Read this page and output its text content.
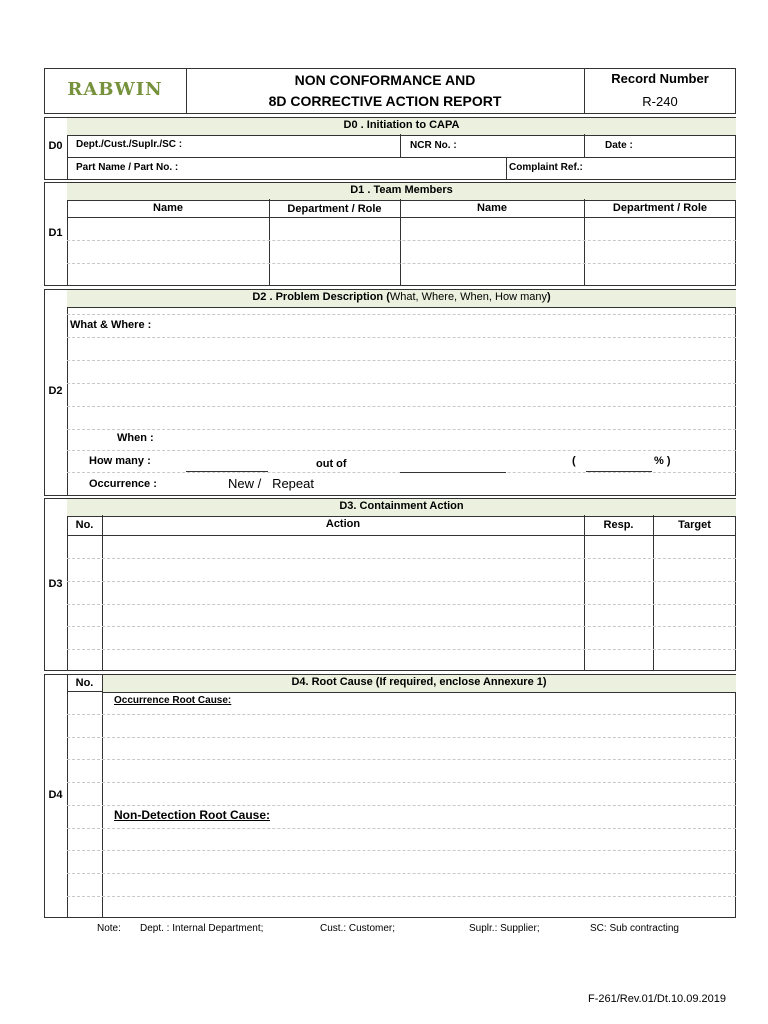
RABWIN	NON CONFORMANCE AND
8D CORRECTIVE ACTION REPORT
Record Number
R-240
D0
D0 . Initiation to CAPA
Dept./Cust./Suplr./SC :	NCR No. :	Date :
Part Name / Part No. :	Complaint Ref.:
D1
D1 . Team Members
Name	Department / Role	Name	Department / Role
D2
D2 . Problem Description (What, Where, When, How many)
What & Where :
When :
How many :	out of	(	% )
Occurrence :	New /   Repeat
D3
D3. Containment Action
No.	Action	Resp.	Target
D4
No.	D4. Root Cause (If required, enclose Annexure 1)
Occurrence Root Cause:
Non-Detection Root Cause:
Note: Dept. : Internal Department;	Cust.: Customer;	Suplr.: Supplier;	SC: Sub contracting
F-261/Rev.01/Dt.10.09.2019
